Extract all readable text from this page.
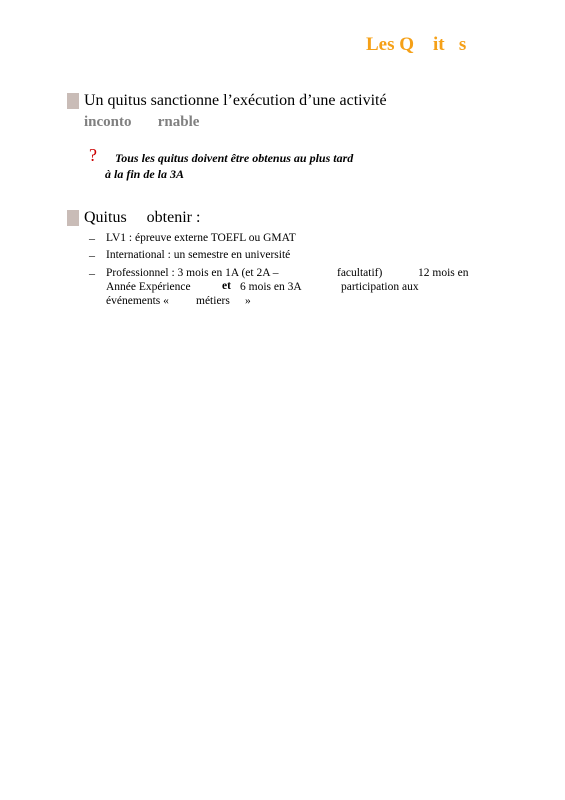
Les Q    it   s
Un quitus sanctionne l’exécution d’une activité
inconto       rnable
? Tous les quitus doivent être obtenus au plus tard
à la fin de la 3A
Quitus     obtenir :
– LV1 : épreuve externe TOEFL ou GMAT
– International : un semestre en université
– Professionnel : 3 mois en 1A (et 2A –	facultatif)	12 mois en
Année Expérience	et 6 mois en 3A	participation aux
événements « métiers »
